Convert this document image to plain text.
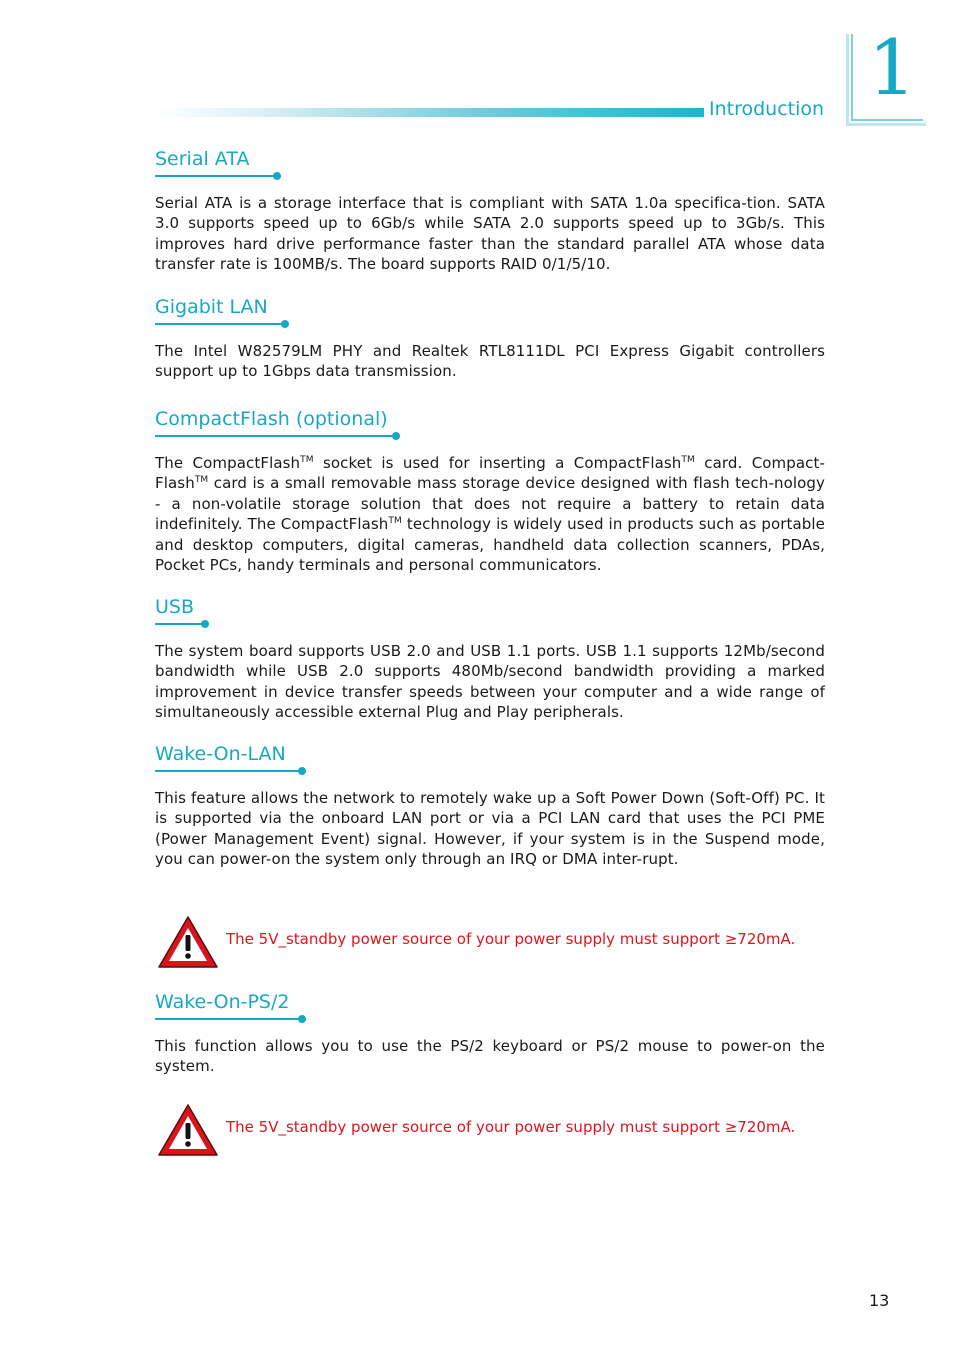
Introduction 1
Serial ATA

Serial ATA is a storage interface that is compliant with SATA 1.0a specifica-tion. SATA 3.0 supports speed up to 6Gb/s while SATA 2.0 supports speed up to 3Gb/s. This improves hard drive performance faster than the standard parallel ATA whose data transfer rate is 100MB/s. The board supports RAID 0/1/5/10.

Gigabit LAN

The Intel W82579LM PHY and Realtek RTL8111DL PCI Express Gigabit controllers support up to 1Gbps data transmission.

CompactFlash (optional)

The CompactFlash™ socket is used for inserting a CompactFlash™ card. Compact-Flash™ card is a small removable mass storage device designed with flash tech-nology - a non-volatile storage solution that does not require a battery to retain data indefinitely. The CompactFlash™ technology is widely used in products such as portable and desktop computers, digital cameras, handheld data collection scanners, PDAs, Pocket PCs, handy terminals and personal communicators.

USB

The system board supports USB 2.0 and USB 1.1 ports. USB 1.1 supports 12Mb/second bandwidth while USB 2.0 supports 480Mb/second bandwidth providing a marked improvement in device transfer speeds between your computer and a wide range of simultaneously accessible external Plug and Play peripherals.

Wake-On-LAN

This feature allows the network to remotely wake up a Soft Power Down (Soft-Off) PC. It is supported via the onboard LAN port or via a PCI LAN card that uses the PCI PME (Power Management Event) signal. However, if your system is in the Suspend mode, you can power-on the system only through an IRQ or DMA inter-rupt.

The 5V_standby power source of your power supply must support ≥720mA.
Wake-On-PS/2

This function allows you to use the PS/2 keyboard or PS/2 mouse to power-on the system.

The 5V_standby power source of your power supply must support ≥720mA.
13
